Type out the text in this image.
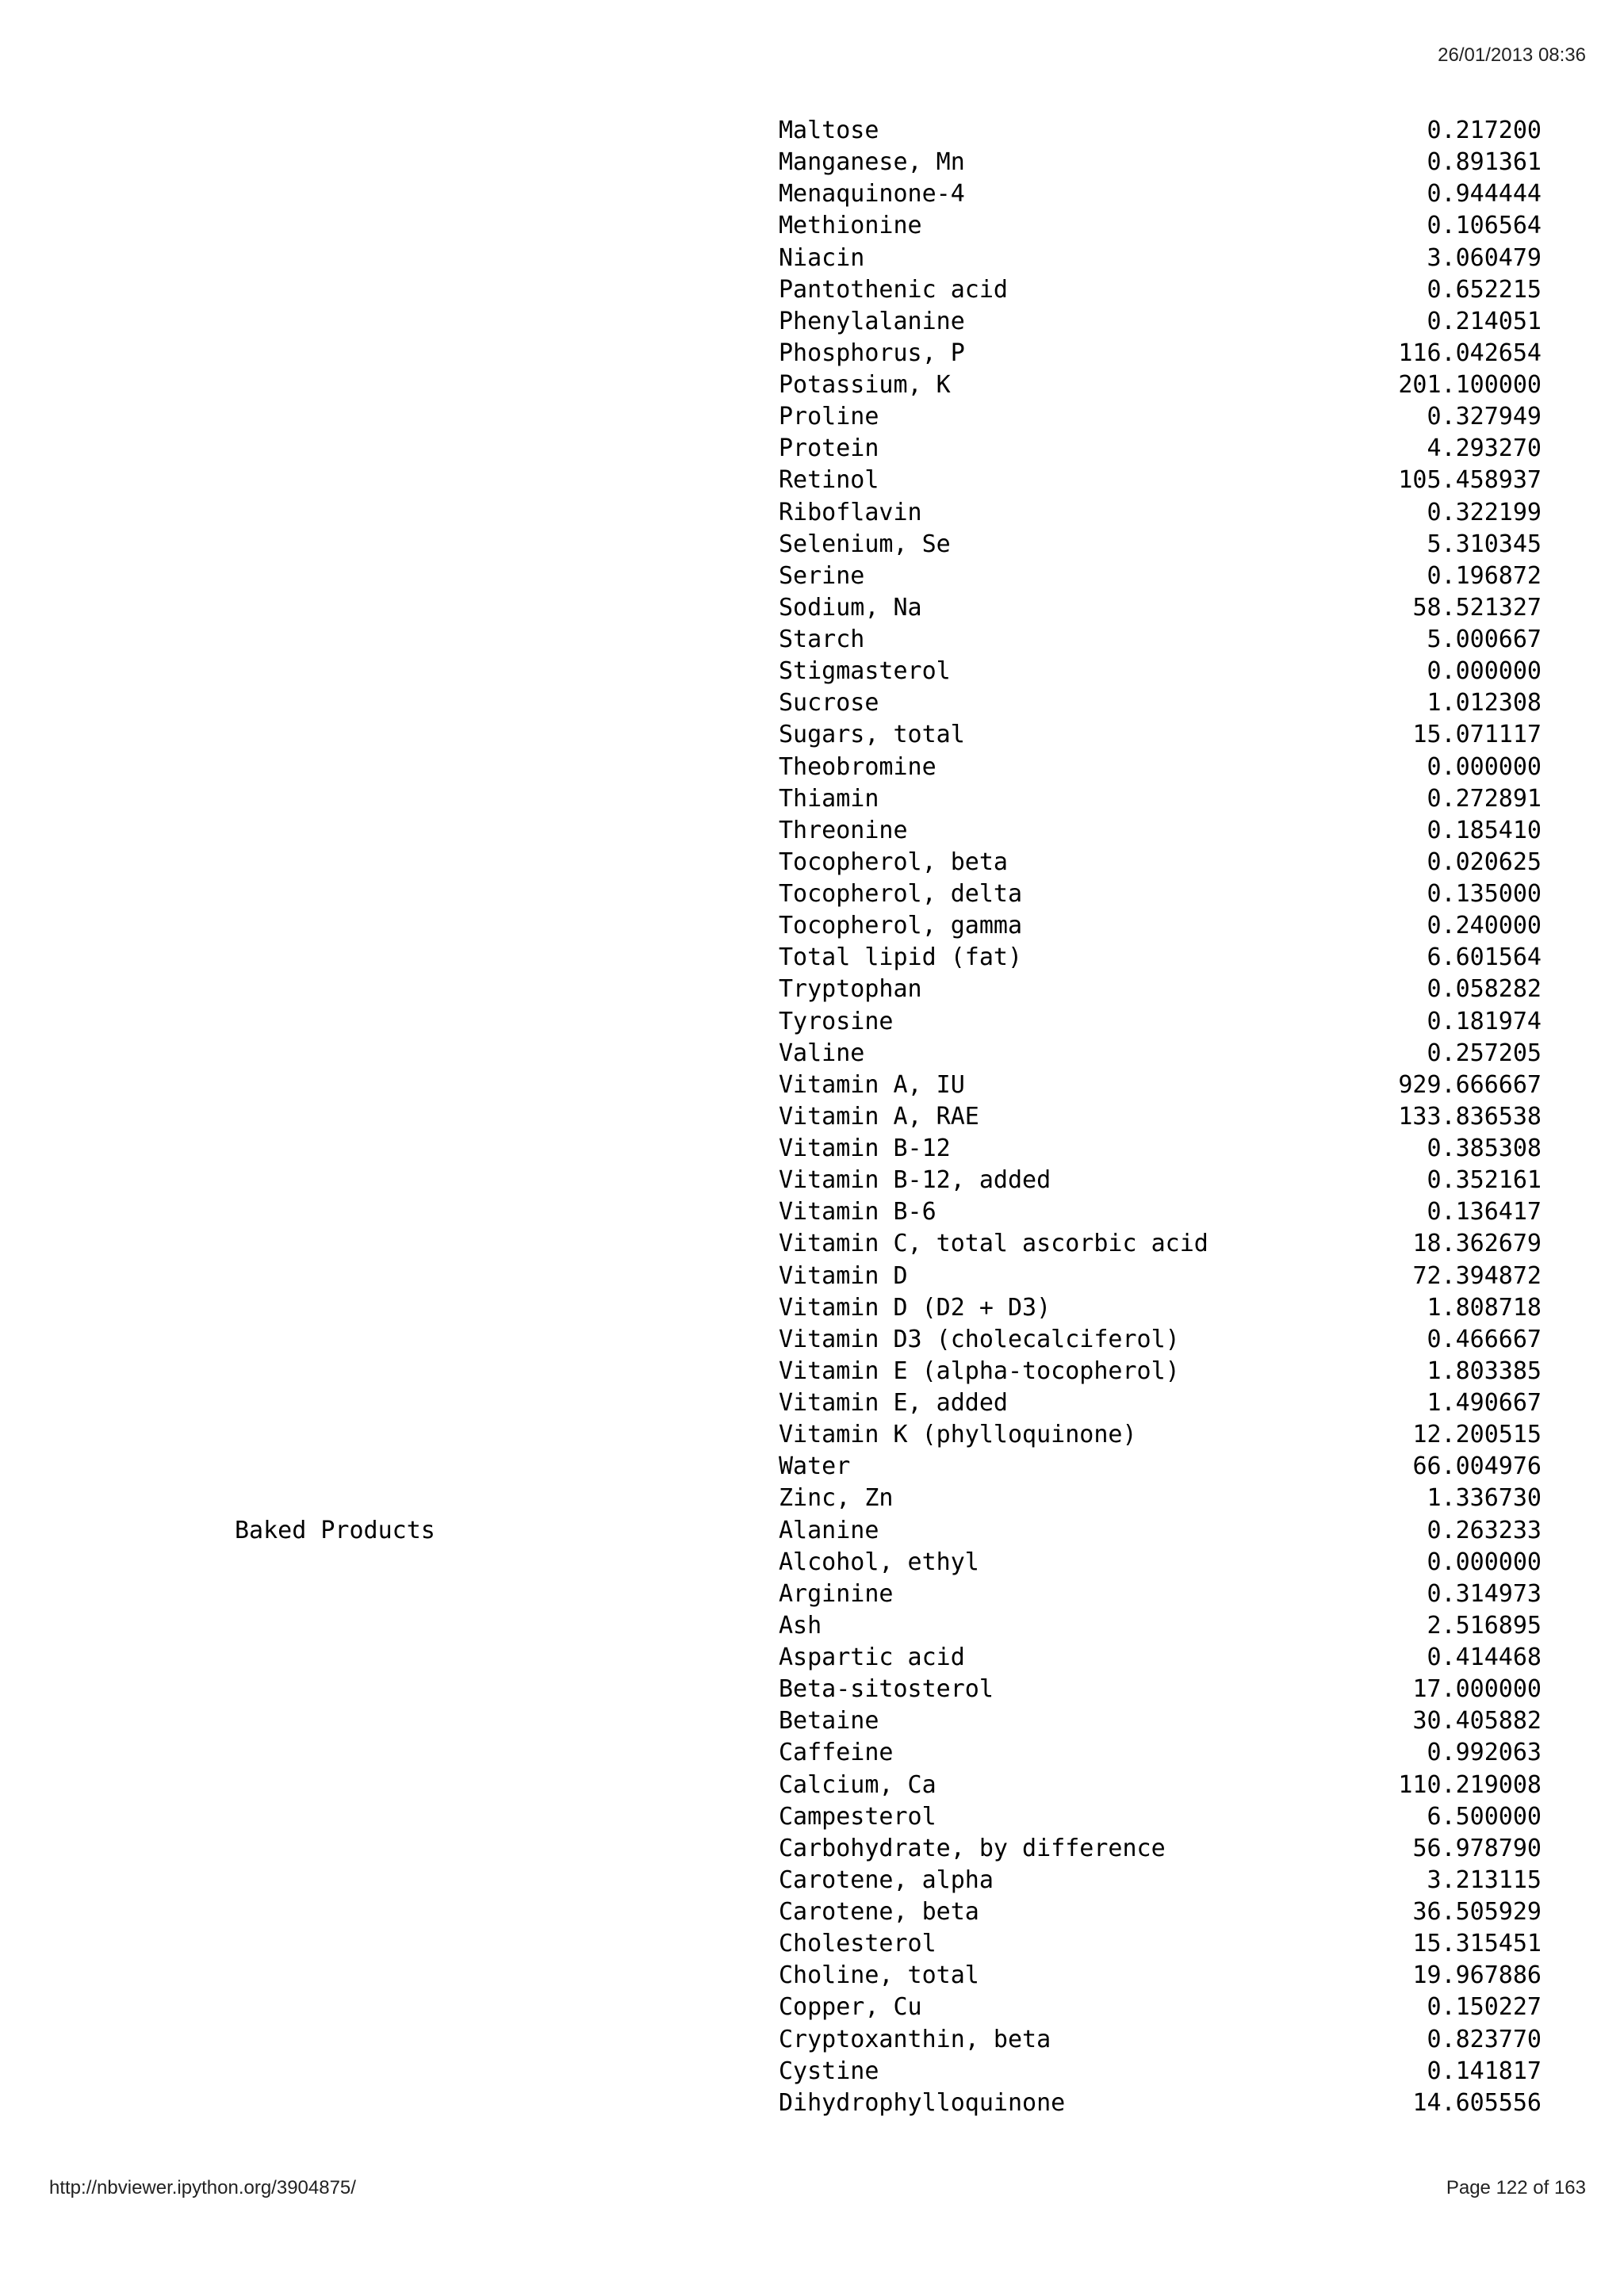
26/01/2013 08:36
Maltose	0.217200
Manganese, Mn	0.891361
Menaquinone-4	0.944444
Methionine	0.106564
Niacin	3.060479
Pantothenic acid	0.652215
Phenylalanine	0.214051
Phosphorus, P	116.042654
Potassium, K	201.100000
Proline	0.327949
Protein	4.293270
Retinol	105.458937
Riboflavin	0.322199
Selenium, Se	5.310345
Serine	0.196872
Sodium, Na	58.521327
Starch	5.000667
Stigmasterol	0.000000
Sucrose	1.012308
Sugars, total	15.071117
Theobromine	0.000000
Thiamin	0.272891
Threonine	0.185410
Tocopherol, beta	0.020625
Tocopherol, delta	0.135000
Tocopherol, gamma	0.240000
Total lipid (fat)	6.601564
Tryptophan	0.058282
Tyrosine	0.181974
Valine	0.257205
Vitamin A, IU	929.666667
Vitamin A, RAE	133.836538
Vitamin B-12	0.385308
Vitamin B-12, added	0.352161
Vitamin B-6	0.136417
Vitamin C, total ascorbic acid	18.362679
Vitamin D	72.394872
Vitamin D (D2 + D3)	1.808718
Vitamin D3 (cholecalciferol)	0.466667
Vitamin E (alpha-tocopherol)	1.803385
Vitamin E, added	1.490667
Vitamin K (phylloquinone)	12.200515
Water	66.004976
Zinc, Zn	1.336730
Baked Products	Alanine	0.263233
Alcohol, ethyl	0.000000
Arginine	0.314973
Ash	2.516895
Aspartic acid	0.414468
Beta-sitosterol	17.000000
Betaine	30.405882
Caffeine	0.992063
Calcium, Ca	110.219008
Campesterol	6.500000
Carbohydrate, by difference	56.978790
Carotene, alpha	3.213115
Carotene, beta	36.505929
Cholesterol	15.315451
Choline, total	19.967886
Copper, Cu	0.150227
Cryptoxanthin, beta	0.823770
Cystine	0.141817
Dihydrophylloquinone	14.605556
http://nbviewer.ipython.org/3904875/	Page 122 of 163
